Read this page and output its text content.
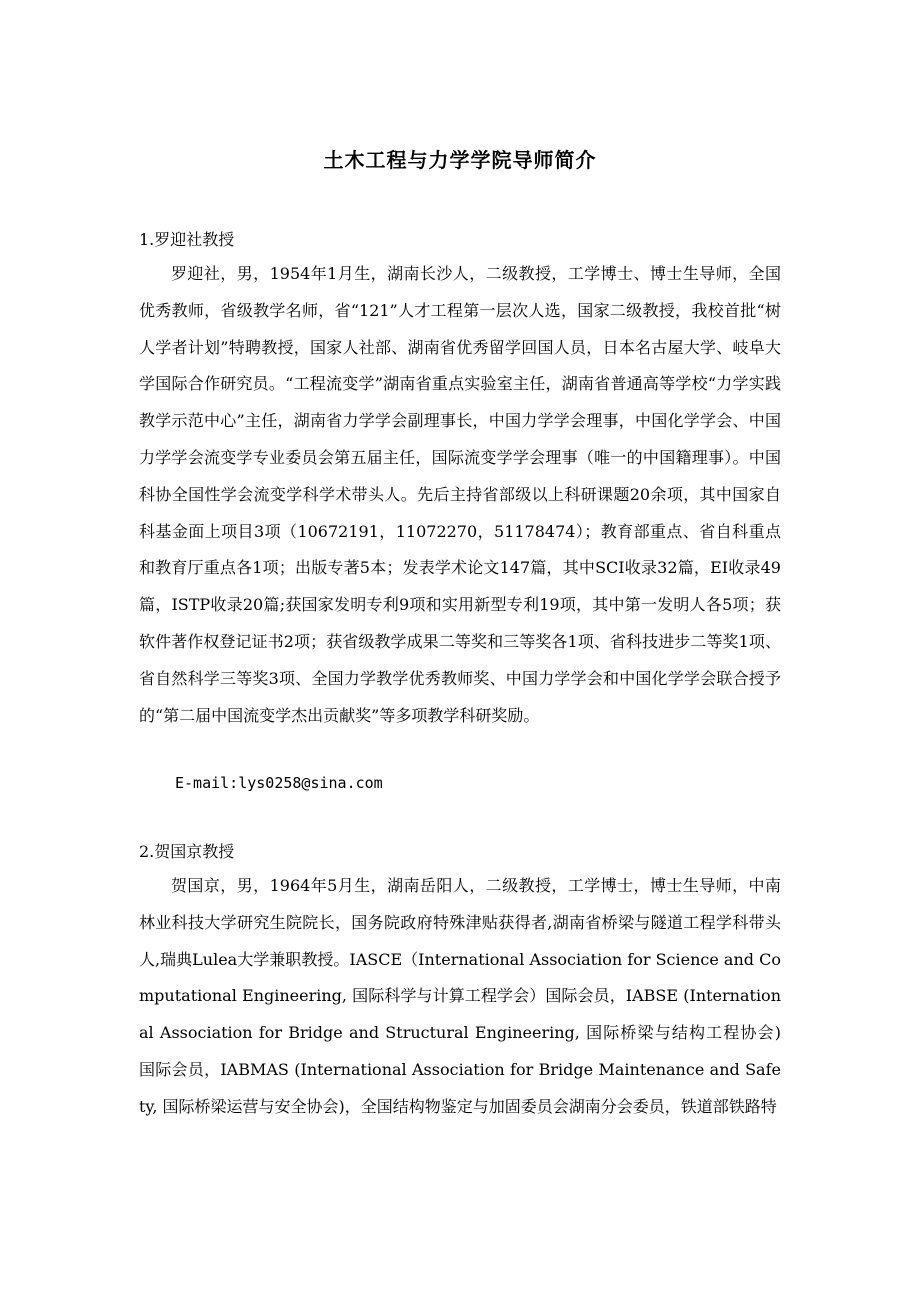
土木工程与力学学院导师简介
1.罗迎社教授
罗迎社，男，1954年1月生，湖南长沙人，二级教授，工学博士、博士生导师，全国优秀教师，省级教学名师，省“121”人才工程第一层次人选，国家二级教授，我校首批“树人学者计划”特聘教授，国家人社部、湖南省优秀留学回国人员，日本名古屋大学、岐阜大学国际合作研究员。“工程流变学”湖南省重点实验室主任，湖南省普通高等学校“力学实践教学示范中心”主任，湖南省力学学会副理事长，中国力学学会理事，中国化学学会、中国力学学会流变学专业委员会第五届主任，国际流变学学会理事（唯一的中国籍理事）。中国科协全国性学会流变学科学术带头人。先后主持省部级以上科研课题20余项，其中国家自科基金面上项目3项（10672191，11072270，51178474）；教育部重点、省自科重点和教育厅重点各1项；出版专著5本；发表学术论文147篇，其中SCI收录32篇，EI收录49篇，ISTP收录20篇;获国家发明专利9项和实用新型专利19项，其中第一发明人各5项；获软件著作权登记证书2项；获省级教学成果二等奖和三等奖各1项、省科技进步二等奖1项、省自然科学三等奖3项、全国力学教学优秀教师奖、中国力学学会和中国化学学会联合授予的“第二届中国流变学杰出贡献奖”等多项教学科研奖励。
E-mail:lys0258@sina.com
2.贺国京教授
贺国京，男，1964年5月生，湖南岳阳人，二级教授，工学博士，博士生导师，中南林业科技大学研究生院院长，国务院政府特殊津贴获得者,湖南省桥梁与隧道工程学科带头人,瑞典Lulea大学兼职教授。IASCE（International Association for Science and Computational Engineering, 国际科学与计算工程学会）国际会员，IABSE (International Association for Bridge and Structural Engineering, 国际桥梁与结构工程协会) 国际会员，IABMAS (International Association for Bridge Maintenance and Safety, 国际桥梁运营与安全协会)，全国结构物鉴定与加固委员会湖南分会委员，铁道部铁路特
